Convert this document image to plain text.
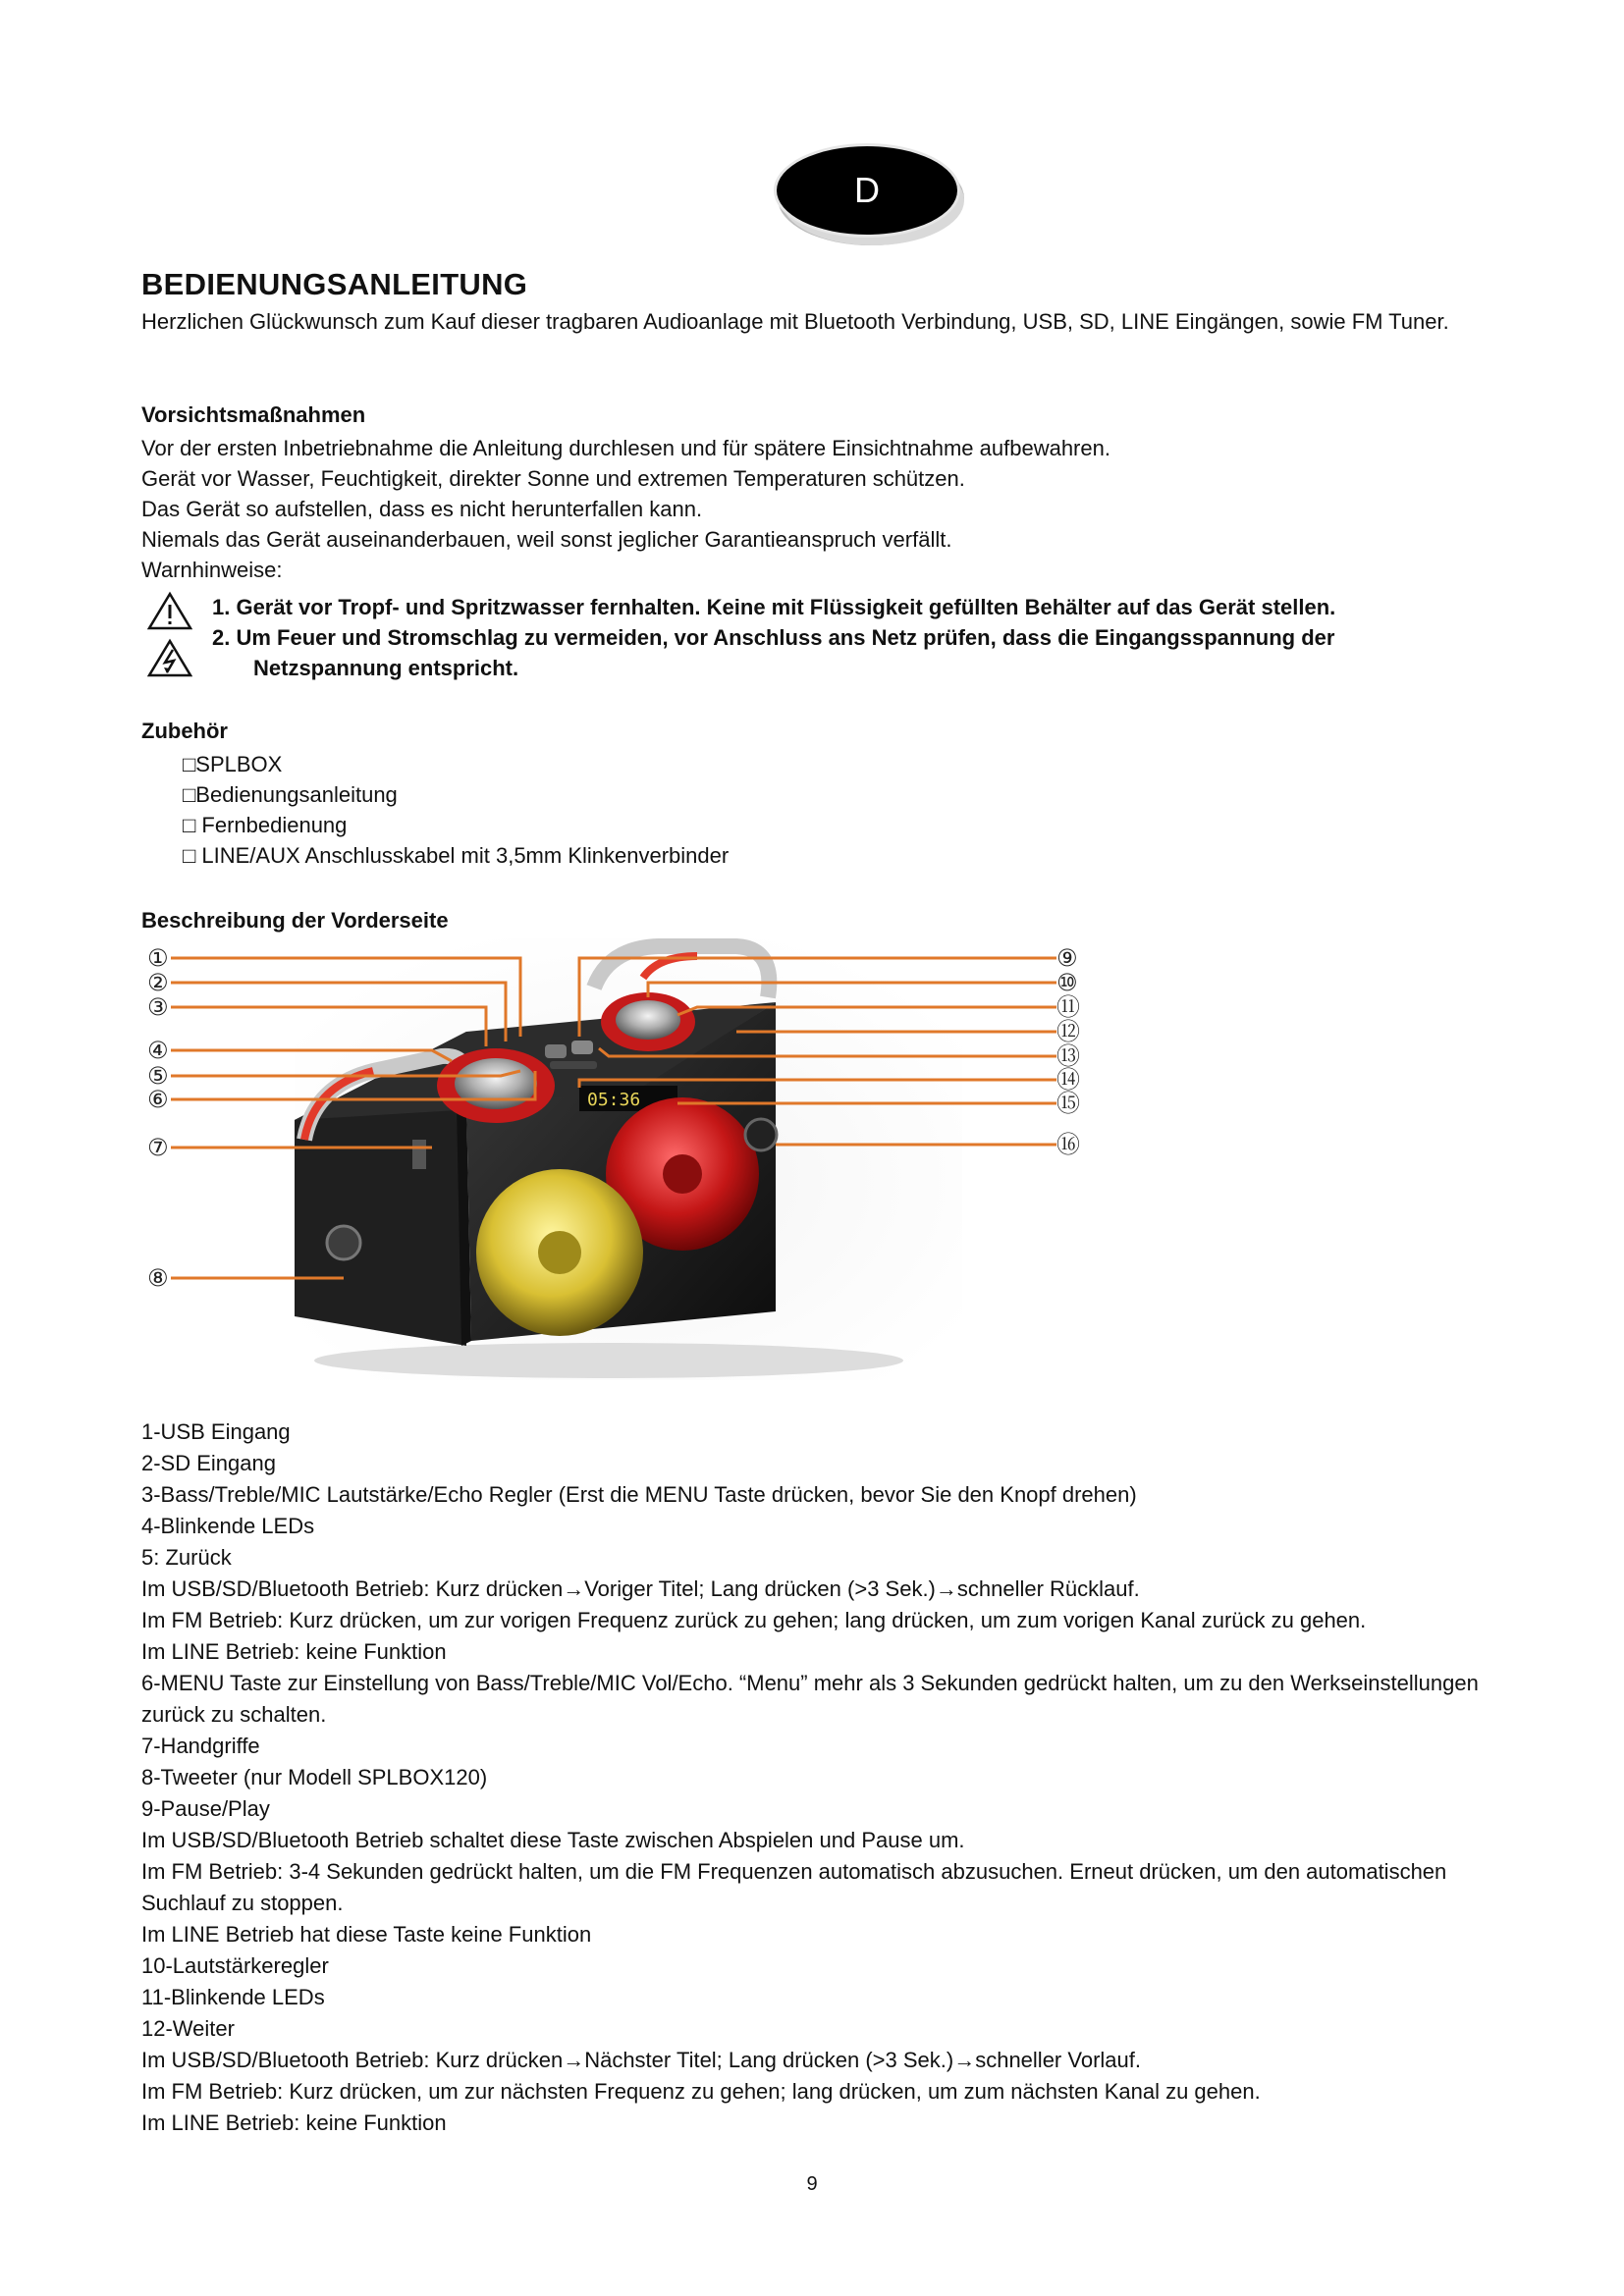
D
BEDIENUNGSANLEITUNG
Herzlichen Glückwunsch zum Kauf dieser tragbaren Audioanlage mit Bluetooth Verbindung, USB, SD, LINE Eingängen, sowie FM Tuner.
Vorsichtsmaßnahmen
Vor der ersten Inbetriebnahme die Anleitung durchlesen und für spätere Einsichtnahme aufbewahren.
Gerät vor Wasser, Feuchtigkeit, direkter Sonne und extremen Temperaturen schützen.
Das Gerät so aufstellen, dass es nicht herunterfallen kann.
Niemals das Gerät auseinanderbauen, weil sonst jeglicher Garantieanspruch verfällt.
Warnhinweise:
1. Gerät vor Tropf- und Spritzwasser fernhalten. Keine mit Flüssigkeit gefüllten Behälter auf das Gerät stellen.
2. Um Feuer und Stromschlag zu vermeiden, vor Anschluss ans Netz prüfen, dass die Eingangsspannung der
Netzspannung entspricht.
Zubehör
□SPLBOX
□Bedienungsanleitung
□ Fernbedienung
□ LINE/AUX Anschlusskabel mit 3,5mm Klinkenverbinder
Beschreibung der Vorderseite
05:36
①
②
③
④
⑤
⑥
⑦
⑧
⑨
⑩
⑪
⑫
⑬
⑭
⑮
⑯
1-USB Eingang
2-SD Eingang
3-Bass/Treble/MIC Lautstärke/Echo Regler (Erst die MENU Taste drücken, bevor Sie den Knopf drehen)
4-Blinkende LEDs
5: Zurück
Im USB/SD/Bluetooth Betrieb: Kurz drücken→Voriger Titel; Lang drücken (>3 Sek.)→schneller Rücklauf.
Im FM Betrieb: Kurz drücken, um zur vorigen Frequenz zurück zu gehen; lang drücken, um zum vorigen Kanal zurück zu gehen.
Im LINE Betrieb: keine Funktion
6-MENU Taste zur Einstellung von Bass/Treble/MIC Vol/Echo. “Menu” mehr als 3 Sekunden gedrückt halten, um zu den Werkseinstellungen zurück zu schalten.
7-Handgriffe
8-Tweeter (nur Modell SPLBOX120)
9-Pause/Play
Im USB/SD/Bluetooth Betrieb schaltet diese Taste zwischen Abspielen und Pause um.
Im FM Betrieb: 3-4 Sekunden gedrückt halten, um die FM Frequenzen automatisch abzusuchen. Erneut drücken, um den automatischen Suchlauf zu stoppen.
Im LINE Betrieb hat diese Taste keine Funktion
10-Lautstärkeregler
11-Blinkende LEDs
12-Weiter
Im USB/SD/Bluetooth Betrieb: Kurz drücken→Nächster Titel; Lang drücken (>3 Sek.)→schneller Vorlauf.
Im FM Betrieb: Kurz drücken, um zur nächsten Frequenz zu gehen; lang drücken, um zum nächsten Kanal zu gehen.
Im LINE Betrieb: keine Funktion
9
